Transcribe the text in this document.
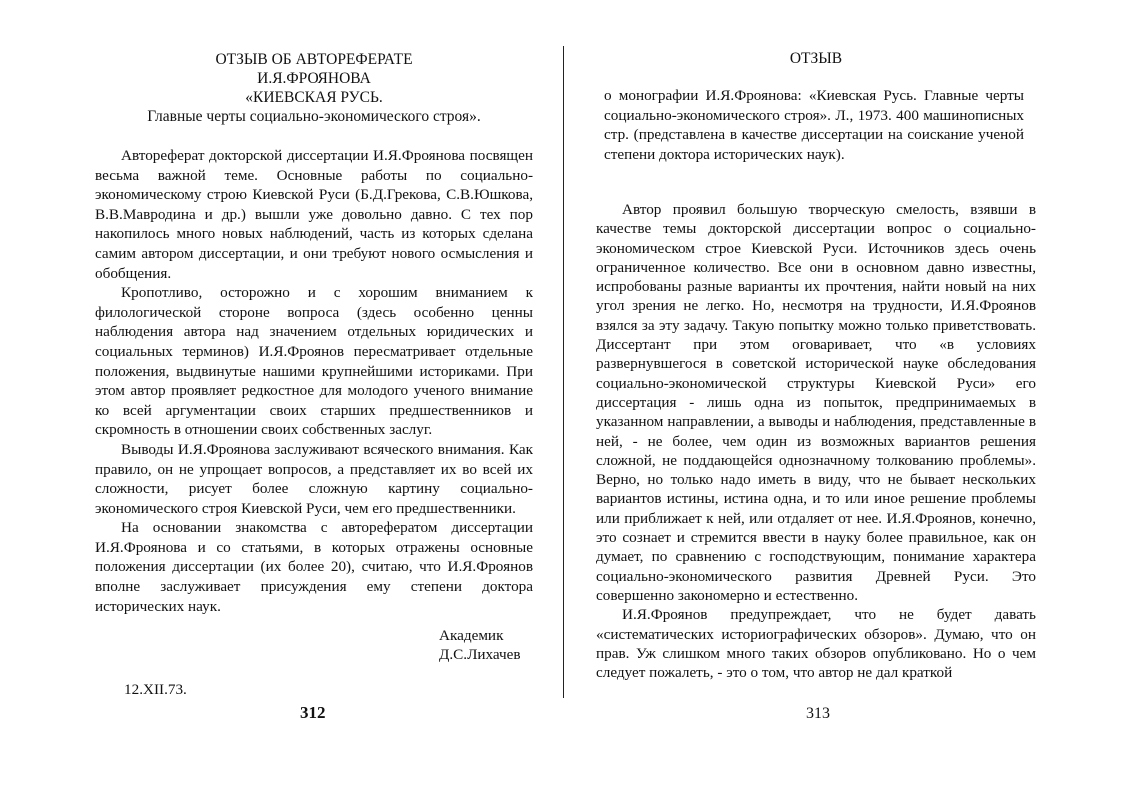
ОТЗЫВ ОБ АВТОРЕФЕРАТЕ
И.Я.ФРОЯНОВА
«КИЕВСКАЯ РУСЬ.
Главные черты социально-экономического строя».

Автореферат докторской диссертации И.Я.Фроянова посвящен весьма важной теме. Основные работы по социально-экономическому строю Киевской Руси (Б.Д.Грекова, С.В.Юшкова, В.В.Мавродина и др.) вышли уже довольно давно. С тех пор накопилось много новых наблюдений, часть из которых сделана самим автором диссертации, и они требуют нового осмысления и обобщения.

Кропотливо, осторожно и с хорошим вниманием к филологической стороне вопроса (здесь особенно ценны наблюдения автора над значением отдельных юридических и социальных терминов) И.Я.Фроянов пересматривает отдельные положения, выдвинутые нашими крупнейшими историками. При этом автор проявляет редкостное для молодого ученого внимание ко всей аргументации своих старших предшественников и скромность в отношении своих собственных заслуг.

Выводы И.Я.Фроянова заслуживают всяческого внимания. Как правило, он не упрощает вопросов, а представляет их во всей их сложности, рисует более сложную картину социально-экономического строя Киевской Руси, чем его предшественники.

На основании знакомства с авторефератом диссертации И.Я.Фроянова и со статьями, в которых отражены основные положения диссертации (их более 20), считаю, что И.Я.Фроянов вполне заслуживает присуждения ему степени доктора исторических наук.

Академик
Д.С.Лихачев
12.XII.73.
312
ОТЗЫВ

о монографии И.Я.Фроянова: «Киевская Русь. Главные черты социально-экономического строя». Л., 1973. 400 машинописных стр. (представлена в качестве диссертации на соискание ученой степени доктора исторических наук).

Автор проявил большую творческую смелость, взявши в качестве темы докторской диссертации вопрос о социально-экономическом строе Киевской Руси. Источников здесь очень ограниченное количество. Все они в основном давно известны, испробованы разные варианты их прочтения, найти новый на них угол зрения не легко. Но, несмотря на трудности, И.Я.Фроянов взялся за эту задачу. Такую попытку можно только приветствовать. Диссертант при этом оговаривает, что «в условиях развернувшегося в советской исторической науке обследования социально-экономической структуры Киевской Руси» его диссертация - лишь одна из попыток, предпринимаемых в указанном направлении, а выводы и наблюдения, представленные в ней, - не более, чем один из возможных вариантов решения сложной, не поддающейся однозначному толкованию проблемы». Верно, но только надо иметь в виду, что не бывает нескольких вариантов истины, истина одна, и то или иное решение проблемы или приближает к ней, или отдаляет от нее. И.Я.Фроянов, конечно, это сознает и стремится ввести в науку более правильное, как он думает, по сравнению с господствующим, понимание характера социально-экономического развития Древней Руси. Это совершенно закономерно и естественно.

И.Я.Фроянов предупреждает, что не будет давать «систематических историографических обзоров». Думаю, что он прав. Уж слишком много таких обзоров опубликовано. Но о чем следует пожалеть, - это о том, что автор не дал краткой

313
